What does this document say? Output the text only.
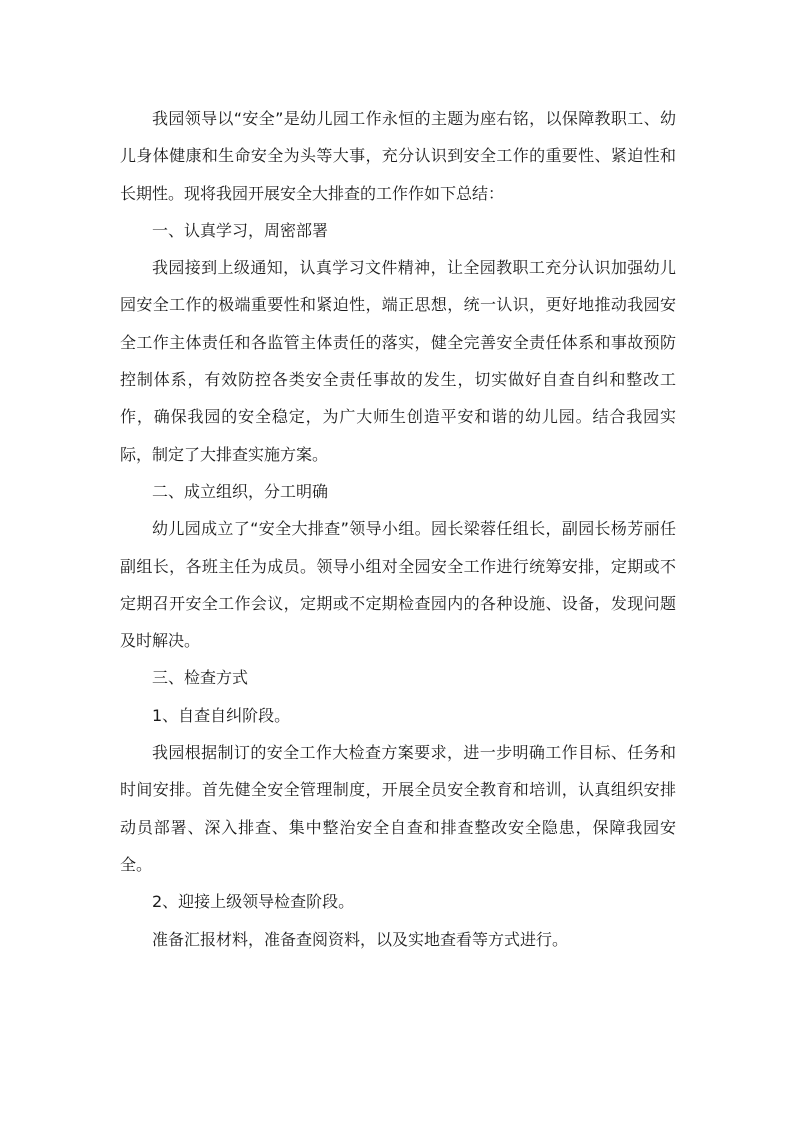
我园领导以“安全”是幼儿园工作永恒的主题为座右铭，以保障教职工、幼儿身体健康和生命安全为头等大事，充分认识到安全工作的重要性、紧迫性和长期性。现将我园开展安全大排查的工作作如下总结：

一、认真学习，周密部署

我园接到上级通知，认真学习文件精神，让全园教职工充分认识加强幼儿园安全工作的极端重要性和紧迫性，端正思想，统一认识，更好地推动我园安全工作主体责任和各监管主体责任的落实，健全完善安全责任体系和事故预防控制体系，有效防控各类安全责任事故的发生，切实做好自查自纠和整改工作，确保我园的安全稳定，为广大师生创造平安和谐的幼儿园。结合我园实际，制定了大排查实施方案。

二、成立组织，分工明确

幼儿园成立了“安全大排查”领导小组。园长梁蓉任组长，副园长杨芳丽任副组长，各班主任为成员。领导小组对全园安全工作进行统筹安排，定期或不定期召开安全工作会议，定期或不定期检查园内的各种设施、设备，发现问题及时解决。

三、检查方式

1、自查自纠阶段。

我园根据制订的安全工作大检查方案要求，进一步明确工作目标、任务和时间安排。首先健全安全管理制度，开展全员安全教育和培训，认真组织安排动员部署、深入排查、集中整治安全自查和排查整改安全隐患，保障我园安全。

2、迎接上级领导检查阶段。

准备汇报材料，准备查阅资料，以及实地查看等方式进行。
